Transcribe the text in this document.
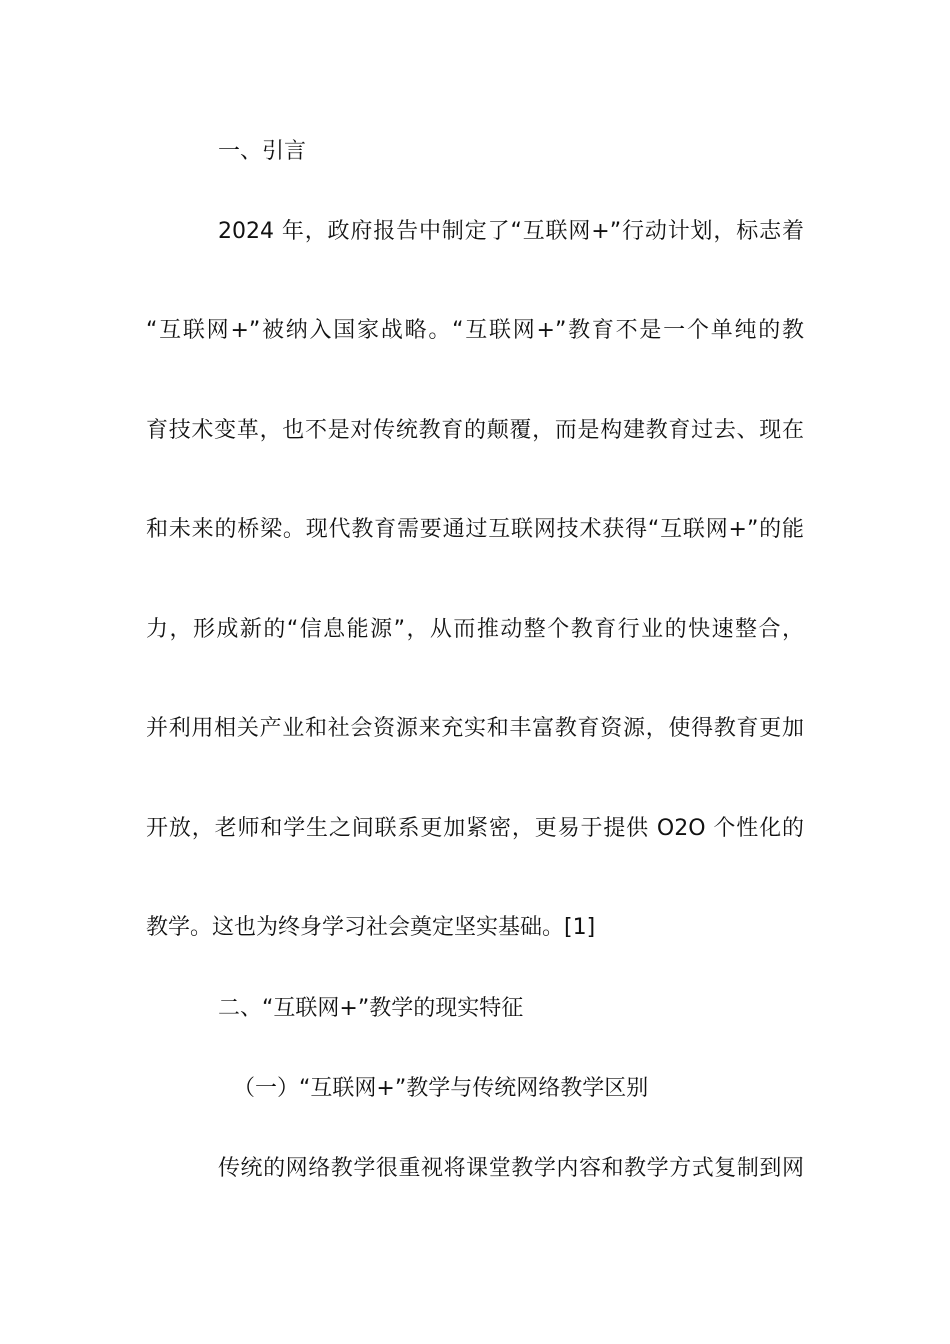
一、引言
2024 年，政府报告中制定了“互联网+”行动计划，标志着
“互联网+”被纳入国家战略。“互联网+”教育不是一个单纯的教
育技术变革，也不是对传统教育的颠覆，而是构建教育过去、现在
和未来的桥梁。现代教育需要通过互联网技术获得“互联网+”的能
力，形成新的“信息能源”，从而推动整个教育行业的快速整合，
并利用相关产业和社会资源来充实和丰富教育资源，使得教育更加
开放，老师和学生之间联系更加紧密，更易于提供 O2O 个性化的
教学。这也为终身学习社会奠定坚实基础。[1]
二、“互联网+”教学的现实特征
（一）“互联网+”教学与传统网络教学区别
传统的网络教学很重视将课堂教学内容和教学方式复制到网
